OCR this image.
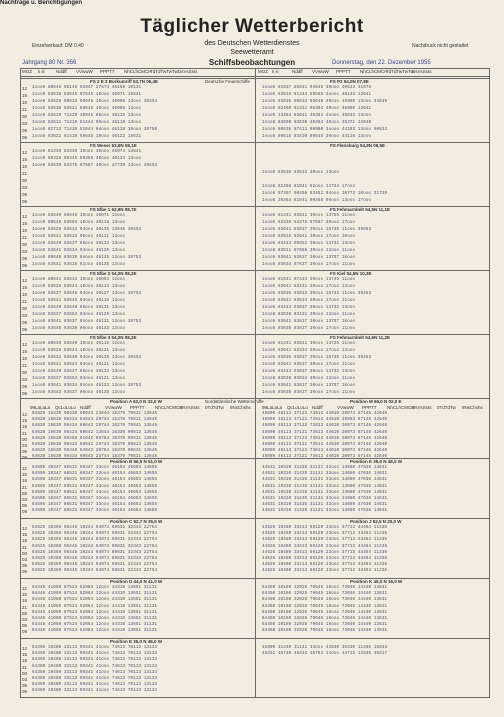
Täglicher Wetterbericht
des Deutschen Wetterdienstes
Seewetteramt
Schiffsbeobachtungen
Einzelverkauf: DM 0.40	Nachdruck nicht gestattet
Jahrgang 80 Nr. 356	Donnerstag, den 22. Dezember 1955
MOZ	MOZ
Ii iii	Ii iii
Nddff	Nddff
VVwwW	VVwwW
PPPTT	PPPTT
NhCLhCMCH	NhCLhCMCH
TdTdTwTwTw	TdTdTwTwTw
DsVsSsts	DsVsSsts
FS 2 E 3 Borkumriff 53,7N 06,4E	Deutsche Feuerschiffe	FS P2 54,0N 07,8E
12 1ooo6 80646 96145 93947 27674 46168 10131	1ooo6 81637 86641 94645 30ooo 40513 11675
15 1ooo6 83635 83645 97645 10ooo 46071 15641	1ooo6 83616 81344 60565 3oooo 46143 13641
18 1ooo6 83626 80633 60645 10ooo 46098 13ooo 39354	1ooo6 83635 80633 68640 40ooo 46960 13ooo 34639
21 1ooo6 83630 83621 68645 10ooo 46088 13ooo	1ooo6 82450 81311 96364 40ooo 46050 13641
00 1ooo6 83619 71420 40945 06ooo 46115 13ooo	1ooo6 33464 83641 40364 4oooo 46033 13ooo
03 1ooo6 83611 71410 51444 06ooo 46118 13ooo	1ooo6 83600 83630 40364 40ooo 46371 13640
06 1ooo6 82713 71436 51044 04ooo 46118 10ooo 39750	1ooo6 80636 87411 00000 3oooo 44103 13ooo 60633
09 1ooo6 83622 81410 50645 10ooo 46122 15631	1ooo6 80615 83430 80645 30ooo 44116 13ooo
FS Weser 53,9N 08,1E	FS Flensburg 54,8N 09,5E
12 1ooo6 81436 83335 10ooo 30ooo 46074 13641
15 1ooo6 80326 85345 09356 30ooo 40134 13ooo
18 1ooo6 83639 83375 97567 30ooo 47739 13ooo 39453
21	1ooo6 83536 83633 30ooo 13ooo
00
03	1ooo6 61456 81641 92ooo 13734 17ooo
06	1ooo6 97397 90456 83451 94ooo 10773 10ooo 31739
09	1ooo6 36364 81641 90465 96ooo 13ooo 17ooo
FS Elbe 1 53,9N 08,7E	FS Fehmarnbelt 54,5N 11,1E
12 1ooo6 83640 86645 10ooo 46071 13ooo	1ooo6 81441 83641 30ooo 13755 11ooo
15 1ooo6 80646 83604 10ooo 40118 13ooo	1ooo6 83336 83375 97567 30ooo 17ooo
18 1ooo6 83626 83634 94ooo 40135 13645 39453	1ooo6 83641 83637 30ooo 15735 11ooo 39653
21 1ooo6 83641 83633 96ooo 46111 13ooo	1ooo6 83615 83641 30ooo 17ooo 10ooo
00 1ooo6 83640 83637 96ooo 46133 13ooo	1ooo6 83413 80652 30ooo 13731 13ooo
03 1ooo6 83641 83634 94ooo 46120 13ooo	1ooo6 83611 87656 30ooo 13ooo 11ooo
06 1ooo6 80646 83639 04ooo 46135 13ooo 39753	1ooo6 83641 83637 30ooo 13757 10ooo
09 1ooo6 83641 83616 61ooo 46135 13ooo	1ooo6 83634 87637 30ooo 17ooo 11ooo
FS Elbe 2 54,0N 08,2E	FS Kiel 54,5N 10,3E
12 1ooo6 80641 83634 10ooo 46093 13ooo	1ooo6 81641 87434 30ooo 13745 11ooo
15 1ooo6 83626 83644 10ooo 46113 13ooo	1ooo6 83641 83431 30ooo 17ooo 13ooo
18 1ooo6 83637 83646 94ooo 46127 13ooo 39753	1ooo6 83636 83633 30ooo 15733 11ooo 39453
21 1ooo6 83641 83646 94ooo 46115 13ooo	1ooo6 83621 83634 30ooo 17ooo 11ooo
00 1ooo6 83640 83648 96ooo 46131 13ooo	1ooo6 83413 83637 30ooo 13732 13ooo
03 1ooo6 83637 83653 04ooo 46128 13ooo	1ooo6 83636 83431 30ooo 13ooo 11ooo
06 1ooo6 83641 83637 04ooo 46131 13ooo 39753	1ooo6 83641 83637 30ooo 13757 10ooo
09 1ooo6 83646 83639 06ooo 46143 13ooo	1ooo6 83635 83637 30ooo 17ooo 11ooo
FS Elbe 3 54,0N 08,2E	FS Fehmarnbelt 54,6N 11,2E
12 1ooo6 80636 83640 10ooo 46115 13ooo	1ooo6 81441 83641 30ooo 13735 11ooo
15 1ooo6 83626 83644 10ooo 46121 13ooo	1ooo6 83641 83334 30ooo 17ooo 13ooo
18 1ooo6 83632 83640 94ooo 46136 13ooo 39453	1ooo6 83636 83637 30ooo 15735 11ooo 39453
21 1ooo6 83641 83644 94ooo 46121 13ooo	1ooo6 83641 83637 30ooo 17ooo 11ooo
00 1ooo6 83640 83647 96ooo 46133 13ooo	1ooo6 83413 83637 30ooo 13732 13ooo
03 1ooo6 83637 83653 04ooo 46121 13ooo	1ooo6 83636 83634 30ooo 13ooo 11ooo
06 1ooo6 83641 83634 04ooo 46133 13ooo 39753	1ooo6 83641 83637 30ooo 13757 10ooo
09 1ooo6 83643 83637 06ooo 46135 13ooo	1ooo6 83635 83637 30ooo 17ooo 11ooo
Position A 62,0 N 33,0 W	Nordatlantische Wetterschiffe	Position M 66,0 N 02,0 E
99LaLaLa	99LaLaLa
QcLoLoLo	QcLoLoLo
Nddff	Nddff
VVwwW	VVwwW
PPPTT	PPPTT
NhCLhCMCH	NhCLhCMCH
DsVsSsts	DsVsSsts
0TdTdTw	0TdTdTw
8NsChshs	8NsChshs
12 64620 16330 96430 60643 23644 15370 70611 13645	45009 46113 37123 73613 44610 20073 67145 42640
15 64620 15610 96434 64643 29744 15370 70611 13645	45009 46113 37121 73613 44610 20053 67145 42640
18 64620 15630 96434 60643 29744 16270 70641 13645	45009 46113 37123 73613 44610 20073 67145 42640
21 64620 15630 96424 60642 13644 16330 90613 13645	45009 46113 37121 73613 44610 20073 67145 42640
00 64620 15630 96456 61642 06764 16370 90611 13645	45009 46113 37123 73613 44610 20073 67145 42640
03 64620 15630 96432 60642 29744 16370 90613 13645	45009 46113 37121 73613 44610 20073 67145 42640
06 64620 15630 96340 64642 29764 16370 90641 13646	45009 46113 37123 73613 44610 20073 67145 42640
09 64620 15630 96434 60643 23744 15370 70611 13645	45009 46113 37121 73613 44610 20073 67145 42640
Position B 56,5 N 51,0 W	Position E 35,0 N 48,0 W
12 64505 10347 86531 60347 33ooo 46154 46653 14655	44531 10310 31435 31131 33ooo 14660 47636 14631
15 64505 10347 86531 60347 33ooo 46154 46653 14655	44531 10310 31435 31131 33ooo 14660 47636 14631
18 64505 10347 86531 60347 33ooo 46154 46653 14655	44531 10310 31435 31131 33ooo 14660 47636 14631
21 64505 10347 86531 60347 33ooo 46154 46653 14655	44531 10310 31435 31131 33ooo 14660 47636 14631
00 64505 10347 86531 60347 33ooo 46154 46653 14655	44531 10310 31435 31131 33ooo 14660 47636 14631
03 64505 10347 86531 60347 33ooo 46154 46653 14655	44531 10310 31435 31131 33ooo 14660 47636 14631
06 64505 10347 86531 60347 33ooo 46154 46653 14655	44531 10310 31435 31131 33ooo 14660 47636 14631
09 64505 10347 86531 60347 33ooo 46154 46653 14655	44531 10310 31435 31131 33ooo 14660 47636 14631
Position C 52,7 N 35,5 W	Position J 52,5 N 20,0 W
12 64525 10369 96445 10244 64074 69631 32343 22754	44526 10460 33413 66120 23ooo 37713 44464 11336
15 64525 10369 96445 10244 64074 69631 32343 22754	44526 10460 33413 66120 23ooo 37713 44464 11336
18 64525 10369 96445 10244 64074 69631 32343 22754	44526 10460 33413 66120 23ooo 37713 44464 11336
21 64525 10369 96445 10244 64074 69631 32343 22754	44526 10460 33413 66120 23ooo 37713 44464 11336
00 64525 10369 96445 10244 64074 69631 32343 22754	44526 10460 33413 66120 23ooo 37713 44464 11336
03 64525 10369 96445 10244 64074 69631 32343 22754	44526 10460 33413 66120 23ooo 37713 44464 11336
06 64525 10369 96445 10244 64074 69631 32343 22754	44526 10460 33413 66120 23ooo 37713 44464 11336
09 64525 10369 96445 10244 64074 69631 32343 22754	44526 10460 33413 66120 23ooo 37713 44464 11336
Position D 44,0 N 41,0 W	Position K 45,0 N 16,0 W
12 64446 41060 87524 52064 12ooo 44310 13651 31131	64450 10160 32026 70645 16ooo 73046 14440 13631
15 64446 41060 87524 52064 12ooo 44310 13651 31131	64450 10160 32026 70645 16ooo 73046 14440 13631
18 64446 41060 87524 52064 12ooo 44310 13651 31131	64450 10160 32026 70645 16ooo 73046 14440 13631
21 64446 41060 87524 52064 12ooo 44310 13651 31131	64450 10160 32026 70645 16ooo 73046 14440 13631
00 64446 41060 87524 52064 12ooo 44310 13651 31131	64450 10160 32026 70645 16ooo 73046 14440 13631
03 64446 41060 87524 52064 12ooo 44310 13651 31131	64450 10160 32026 70645 16ooo 73046 14440 13631
06 64446 41060 87524 52064 12ooo 44310 13651 31131	64450 10160 32026 70645 16ooo 73046 14440 13631
09 64446 41060 87524 52064 12ooo 44310 13651 31131	64450 10160 32026 70645 16ooo 73046 14440 13631
Position E 35,0 N 48,0 W
Nachträge u. Berichtigungen
12 64350 10480 33113 99341 41ooo 74613 70113 13133	46609 31440 31141 33ooo 43640 36430 11446 16033
15 64350 10480 33113 99341 41ooo 74613 70113 13133	46332 46740 46433 46764 14ooo 44713 13346 36317
18 64350 10480 33113 99341 41ooo 74613 70113 13133
21 64350 10480 33113 99341 41ooo 74613 70113 13133
00 64350 10480 33113 99341 41ooo 74613 70113 13133
03 64350 10480 33113 99341 41ooo 74613 70113 13133
06 64350 10480 33113 99341 41ooo 74613 70113 13133
09 64350 10480 33113 99341 41ooo 74613 70113 13133
